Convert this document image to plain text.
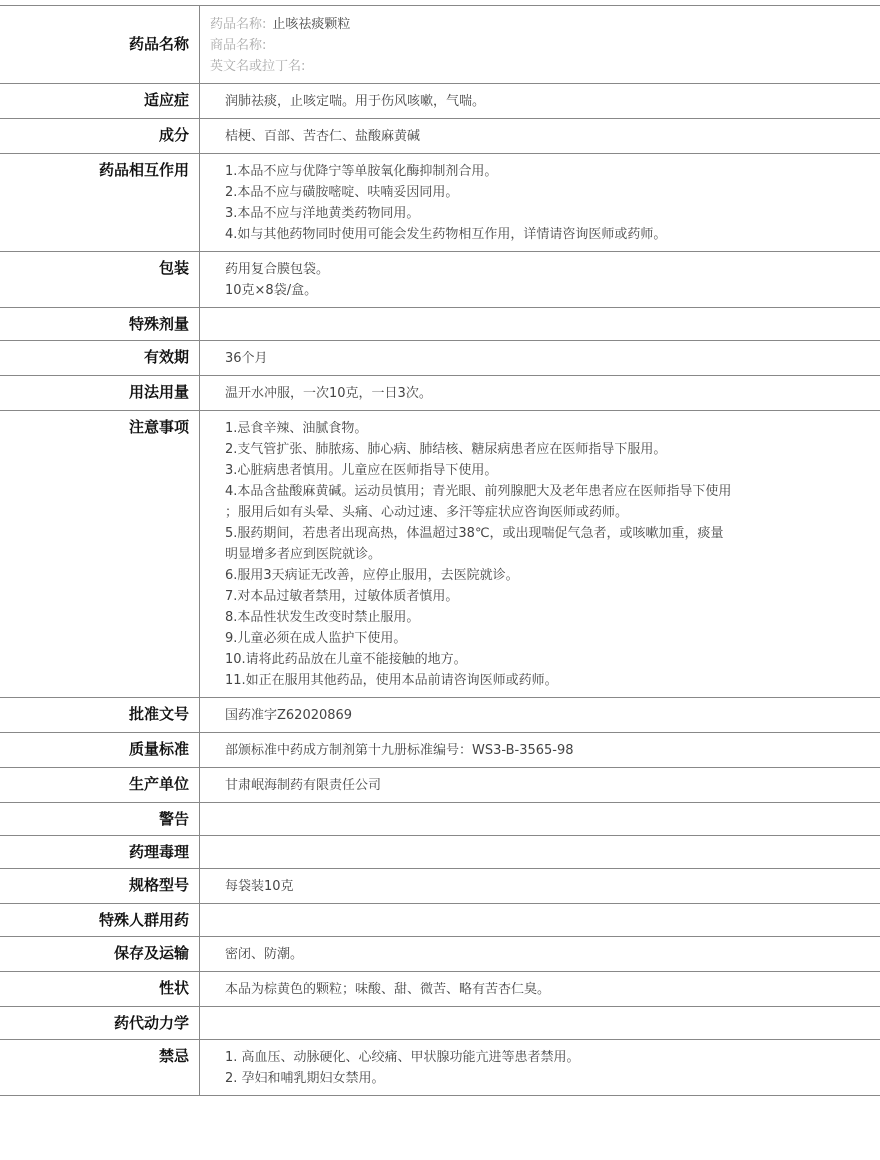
药品名称
药品名称: 止咳祛痰颗粒
商品名称:
英文名或拉丁名:
适应症	润肺祛痰，止咳定喘。用于伤风咳嗽，气喘。
成分	桔梗、百部、苦杏仁、盐酸麻黄碱
药品相互作用	1.本品不应与优降宁等单胺氧化酶抑制剂合用。
2.本品不应与磺胺嘧啶、呋喃妥因同用。
3.本品不应与洋地黄类药物同用。
4.如与其他药物同时使用可能会发生药物相互作用，详情请咨询医师或药师。
包装	药用复合膜包袋。
10克×8袋/盒。
特殊剂量
有效期	36个月
用法用量	温开水冲服，一次10克，一日3次。
注意事项	1.忌食辛辣、油腻食物。
2.支气管扩张、肺脓疡、肺心病、肺结核、糖尿病患者应在医师指导下服用。
3.心脏病患者慎用。儿童应在医师指导下使用。
4.本品含盐酸麻黄碱。运动员慎用；青光眼、前列腺肥大及老年患者应在医师指导下使用
；服用后如有头晕、头痛、心动过速、多汗等症状应咨询医师或药师。
5.服药期间，若患者出现高热，体温超过38℃，或出现喘促气急者，或咳嗽加重，痰量
明显增多者应到医院就诊。
6.服用3天病证无改善，应停止服用，去医院就诊。
7.对本品过敏者禁用，过敏体质者慎用。
8.本品性状发生改变时禁止服用。
9.儿童必须在成人监护下使用。
10.请将此药品放在儿童不能接触的地方。
11.如正在服用其他药品，使用本品前请咨询医师或药师。
批准文号	国药准字Z62020869
质量标准	部颁标准中药成方制剂第十九册标准编号：WS3-B-3565-98
生产单位	甘肃岷海制药有限责任公司
警告
药理毒理
规格型号	每袋装10克
特殊人群用药
保存及运输	密闭、防潮。
性状	本品为棕黄色的颗粒；味酸、甜、微苦、略有苦杏仁臭。
药代动力学
禁忌	1. 高血压、动脉硬化、心绞痛、甲状腺功能亢进等患者禁用。
2. 孕妇和哺乳期妇女禁用。
